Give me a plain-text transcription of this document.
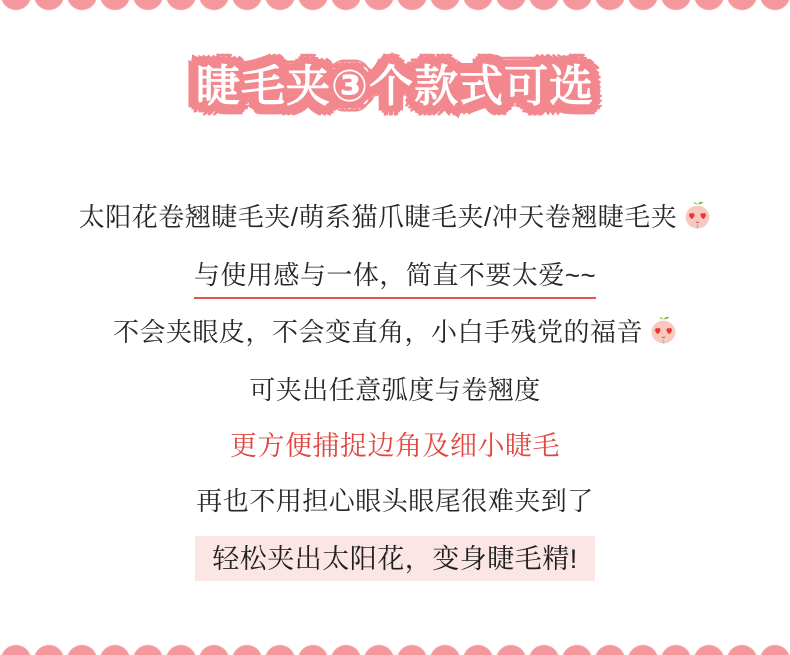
睫毛夹③个款式可选 睫毛夹③个款式可选
太阳花卷翘睫毛夹/萌系猫爪睫毛夹/冲天卷翘睫毛夹
与使用感与一体，简直不要太爱~~
不会夹眼皮，不会变直角，小白手残党的福音
可夹出任意弧度与卷翘度
更方便捕捉边角及细小睫毛
再也不用担心眼头眼尾很难夹到了
轻松夹出太阳花，变身睫毛精!
